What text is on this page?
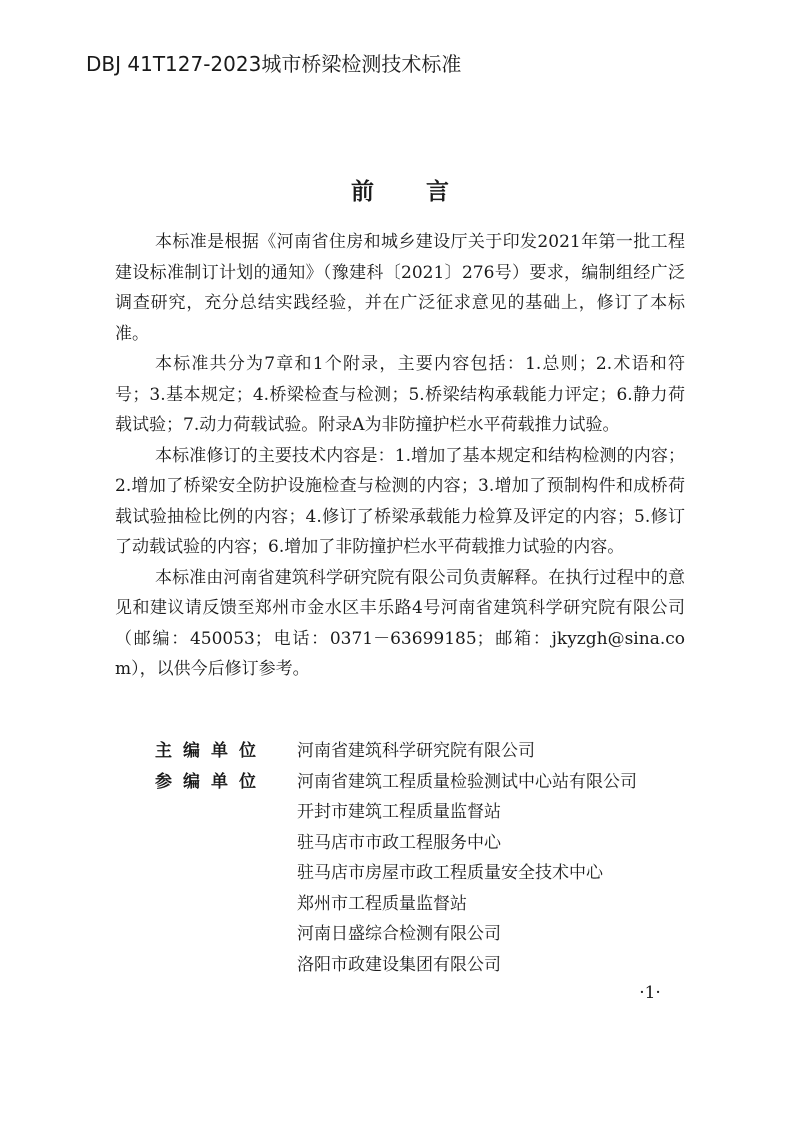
DBJ 41T127-2023城市桥梁检测技术标准
前言

本标准是根据《河南省住房和城乡建设厅关于印发2021年第一批工程建设标准制订计划的通知》（豫建科〔2021〕276号）要求，编制组经广泛调查研究，充分总结实践经验，并在广泛征求意见的基础上，修订了本标准。

本标准共分为7章和1个附录，主要内容包括：1.总则；2.术语和符号；3.基本规定；4.桥梁检查与检测；5.桥梁结构承载能力评定；6.静力荷载试验；7.动力荷载试验。附录A为非防撞护栏水平荷载推力试验。

本标准修订的主要技术内容是：1.增加了基本规定和结构检测的内容；2.增加了桥梁安全防护设施检查与检测的内容；3.增加了预制构件和成桥荷载试验抽检比例的内容；4.修订了桥梁承载能力检算及评定的内容；5.修订了动载试验的内容；6.增加了非防撞护栏水平荷载推力试验的内容。

本标准由河南省建筑科学研究院有限公司负责解释。在执行过程中的意见和建议请反馈至郑州市金水区丰乐路4号河南省建筑科学研究院有限公司（邮编：450053；电话：0371－63699185；邮箱：jkyzgh@sina.com），以供今后修订参考。

主编单位	河南省建筑科学研究院有限公司
参编单位	河南省建筑工程质量检验测试中心站有限公司
开封市建筑工程质量监督站
驻马店市市政工程服务中心
驻马店市房屋市政工程质量安全技术中心
郑州市工程质量监督站
河南日盛综合检测有限公司
洛阳市政建设集团有限公司
·1·
